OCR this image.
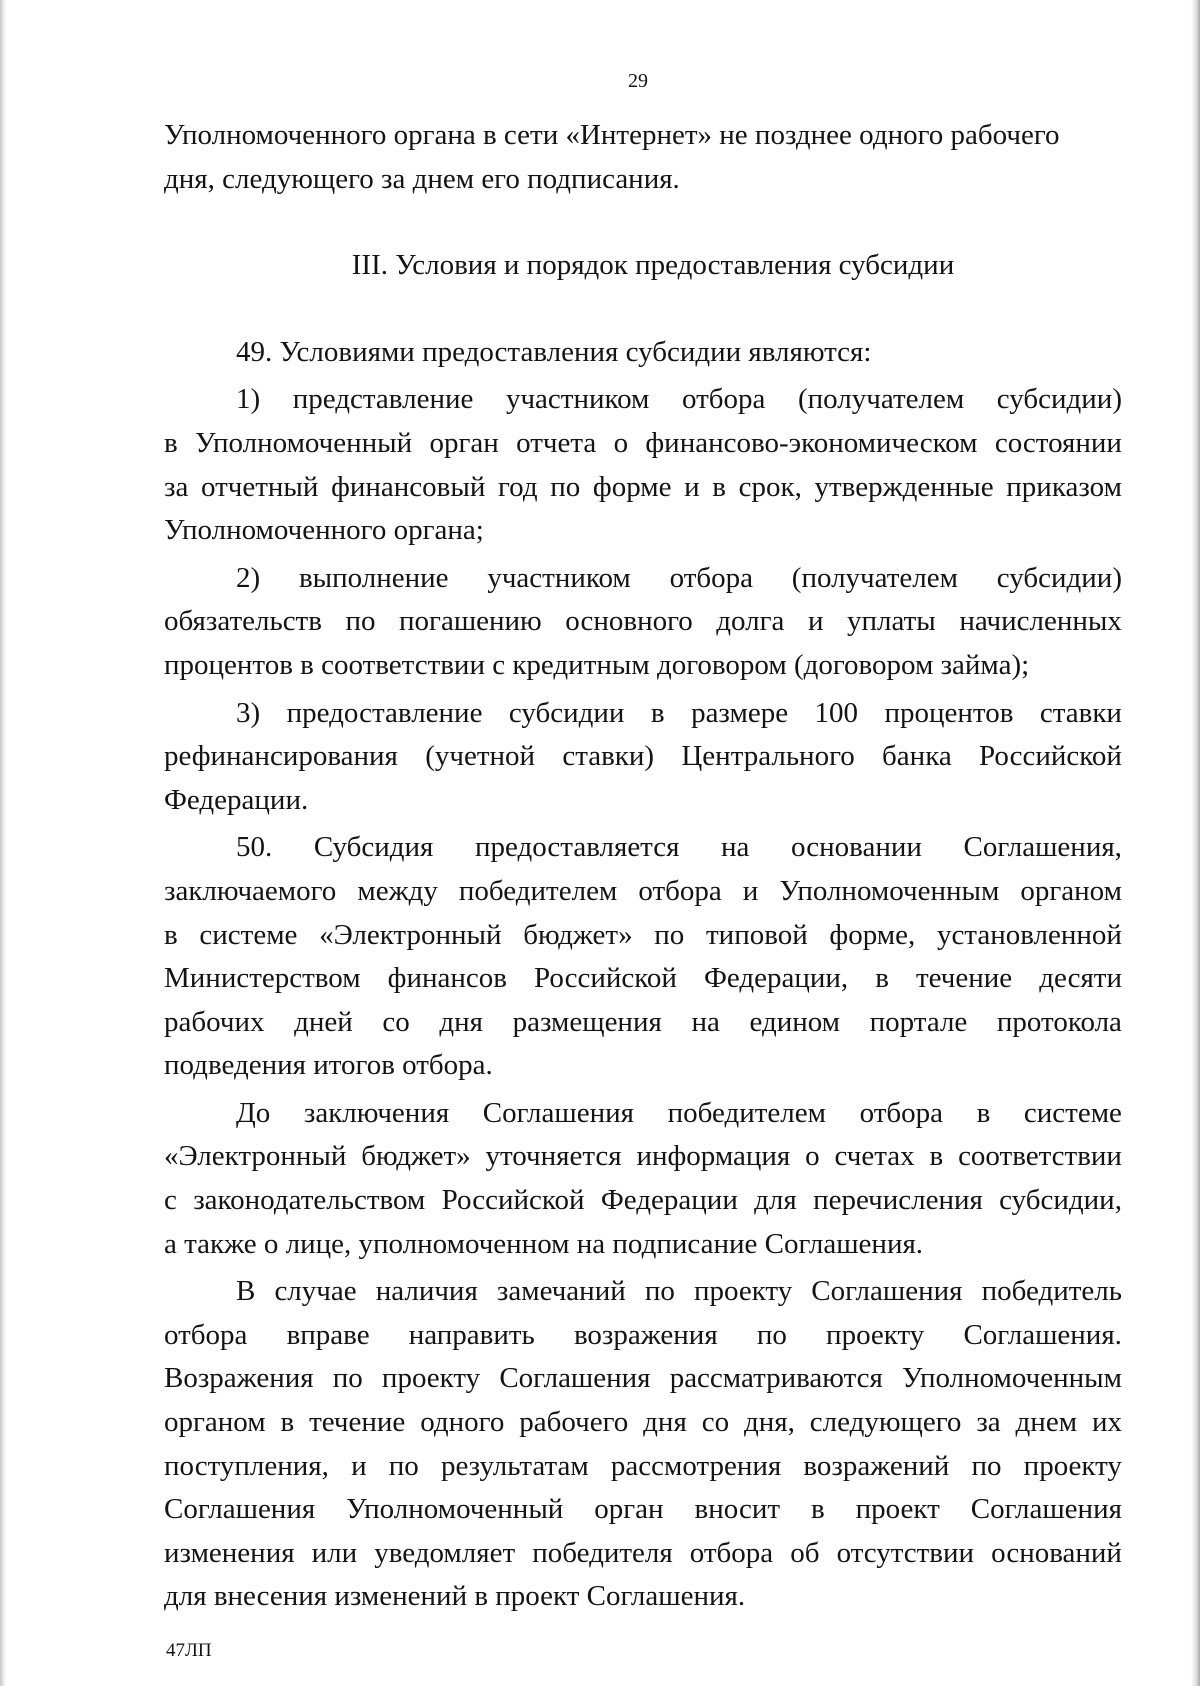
29
Уполномоченного органа в сети «Интернет» не позднее одного рабочего
дня, следующего за днем его подписания.
III. Условия и порядок предоставления субсидии
49. Условиями предоставления субсидии являются:
1) представление участником отбора (получателем субсидии)
в Уполномоченный орган отчета о финансово-экономическом состоянии
за отчетный финансовый год по форме и в срок, утвержденные приказом
Уполномоченного органа;
2) выполнение участником отбора (получателем субсидии)
обязательств по погашению основного долга и уплаты начисленных
процентов в соответствии с кредитным договором (договором займа);
3) предоставление субсидии в размере 100 процентов ставки
рефинансирования (учетной ставки) Центрального банка Российской
Федерации.
50. Субсидия предоставляется на основании Соглашения,
заключаемого между победителем отбора и Уполномоченным органом
в системе «Электронный бюджет» по типовой форме, установленной
Министерством финансов Российской Федерации, в течение десяти
рабочих дней со дня размещения на едином портале протокола
подведения итогов отбора.
До заключения Соглашения победителем отбора в системе
«Электронный бюджет» уточняется информация о счетах в соответствии
с законодательством Российской Федерации для перечисления субсидии,
а также о лице, уполномоченном на подписание Соглашения.
В случае наличия замечаний по проекту Соглашения победитель
отбора вправе направить возражения по проекту Соглашения.
Возражения по проекту Соглашения рассматриваются Уполномоченным
органом в течение одного рабочего дня со дня, следующего за днем их
поступления, и по результатам рассмотрения возражений по проекту
Соглашения Уполномоченный орган вносит в проект Соглашения
изменения или уведомляет победителя отбора об отсутствии оснований
для внесения изменений в проект Соглашения.
47ЛП
